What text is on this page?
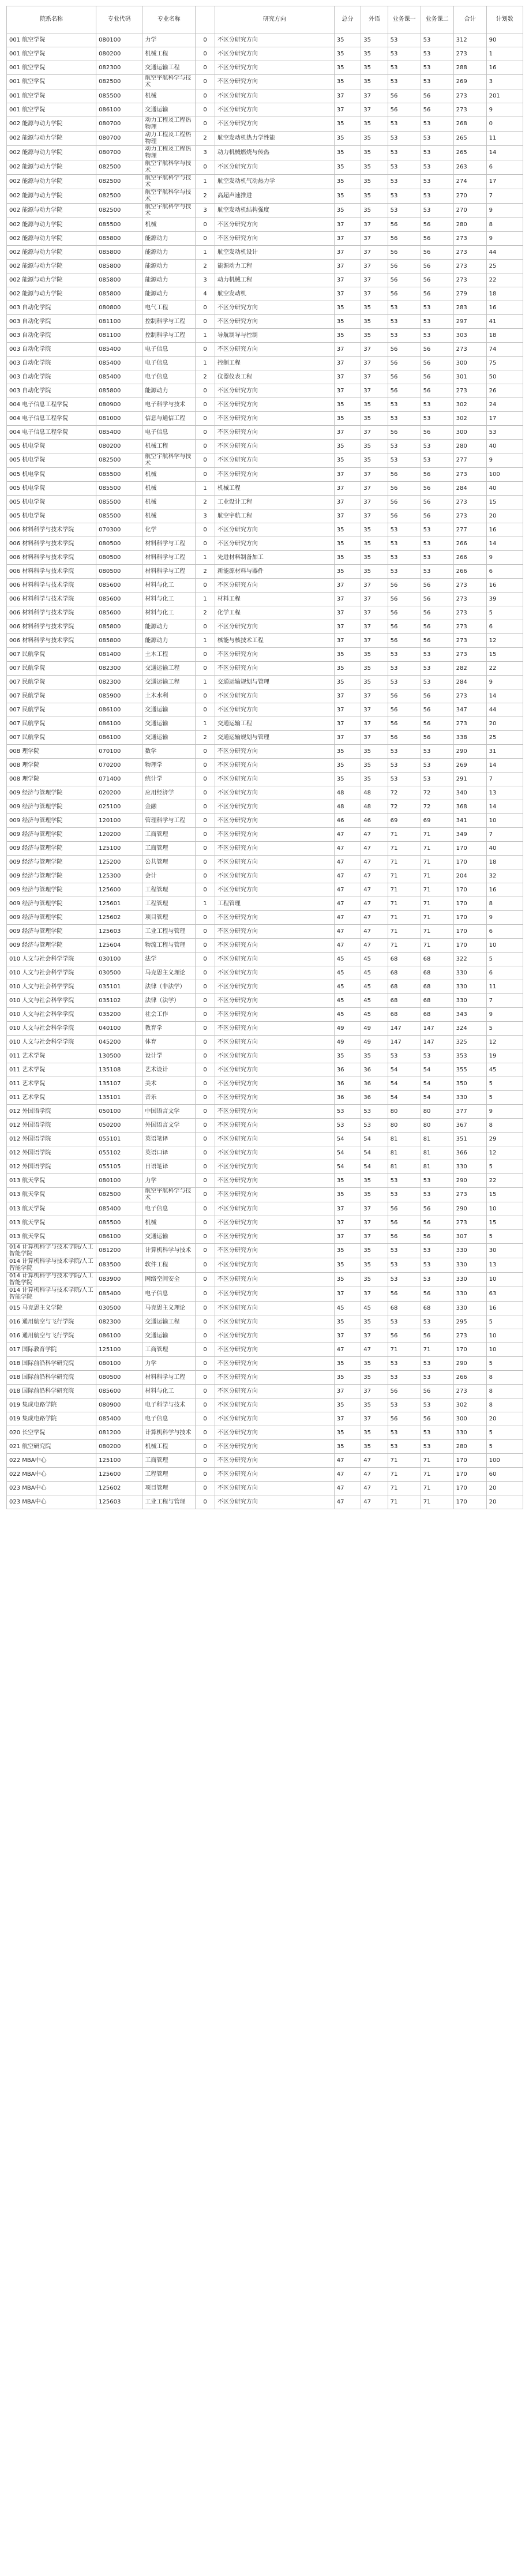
院系名称	专业代码	专业名称		研究方向	总分	外语	业务课一	业务课二	合计	计划数
001 航空学院	080100	力学	0	不区分研究方向	35	35	53	53	312	90
001 航空学院	080200	机械工程	0	不区分研究方向	35	35	53	53	273	1
001 航空学院	082300	交通运输工程	0	不区分研究方向	35	35	53	53	288	16
001 航空学院	082500	航空宇航科学与技术	0	不区分研究方向	35	35	53	53	269	3
001 航空学院	085500	机械	0	不区分研究方向	37	37	56	56	273	201
001 航空学院	086100	交通运输	0	不区分研究方向	37	37	56	56	273	9
002 能源与动力学院	080700	动力工程及工程热物理	0	不区分研究方向	35	35	53	53	268	0
002 能源与动力学院	080700	动力工程及工程热物理	2	航空发动机热力学性能	35	35	53	53	265	11
002 能源与动力学院	080700	动力工程及工程热物理	3	动力机械燃烧与传热	35	35	53	53	265	14
002 能源与动力学院	082500	航空宇航科学与技术	0	不区分研究方向	35	35	53	53	263	6
002 能源与动力学院	082500	航空宇航科学与技术	1	航空发动机气动热力学	35	35	53	53	274	17
002 能源与动力学院	082500	航空宇航科学与技术	2	高超声速推进	35	35	53	53	270	7
002 能源与动力学院	082500	航空宇航科学与技术	3	航空发动机结构强度	35	35	53	53	270	9
002 能源与动力学院	085500	机械	0	不区分研究方向	37	37	56	56	280	8
002 能源与动力学院	085800	能源动力	0	不区分研究方向	37	37	56	56	273	9
002 能源与动力学院	085800	能源动力	1	航空发动机设计	37	37	56	56	273	44
002 能源与动力学院	085800	能源动力	2	能源动力工程	37	37	56	56	273	25
002 能源与动力学院	085800	能源动力	3	动力机械工程	37	37	56	56	273	22
002 能源与动力学院	085800	能源动力	4	航空发动机	37	37	56	56	279	18
003 自动化学院	080800	电气工程	0	不区分研究方向	35	35	53	53	283	16
003 自动化学院	081100	控制科学与工程	0	不区分研究方向	35	35	53	53	297	41
003 自动化学院	081100	控制科学与工程	1	导航制导与控制	35	35	53	53	303	18
003 自动化学院	085400	电子信息	0	不区分研究方向	37	37	56	56	273	74
003 自动化学院	085400	电子信息	1	控制工程	37	37	56	56	300	75
003 自动化学院	085400	电子信息	2	仪器仪表工程	37	37	56	56	301	50
003 自动化学院	085800	能源动力	0	不区分研究方向	37	37	56	56	273	26
004 电子信息工程学院	080900	电子科学与技术	0	不区分研究方向	35	35	53	53	302	24
004 电子信息工程学院	081000	信息与通信工程	0	不区分研究方向	35	35	53	53	302	17
004 电子信息工程学院	085400	电子信息	0	不区分研究方向	37	37	56	56	300	53
005 机电学院	080200	机械工程	0	不区分研究方向	35	35	53	53	280	40
005 机电学院	082500	航空宇航科学与技术	0	不区分研究方向	35	35	53	53	277	9
005 机电学院	085500	机械	0	不区分研究方向	37	37	56	56	273	100
005 机电学院	085500	机械	1	机械工程	37	37	56	56	284	40
005 机电学院	085500	机械	2	工业设计工程	37	37	56	56	273	15
005 机电学院	085500	机械	3	航空宇航工程	37	37	56	56	273	20
006 材料科学与技术学院	070300	化学	0	不区分研究方向	35	35	53	53	277	16
006 材料科学与技术学院	080500	材料科学与工程	0	不区分研究方向	35	35	53	53	266	14
006 材料科学与技术学院	080500	材料科学与工程	1	先进材料制备加工	35	35	53	53	266	9
006 材料科学与技术学院	080500	材料科学与工程	2	新能源材料与器件	35	35	53	53	266	6
006 材料科学与技术学院	085600	材料与化工	0	不区分研究方向	37	37	56	56	273	16
006 材料科学与技术学院	085600	材料与化工	1	材料工程	37	37	56	56	273	39
006 材料科学与技术学院	085600	材料与化工	2	化学工程	37	37	56	56	273	5
006 材料科学与技术学院	085800	能源动力	0	不区分研究方向	37	37	56	56	273	6
006 材料科学与技术学院	085800	能源动力	1	核能与核技术工程	37	37	56	56	273	12
007 民航学院	081400	土木工程	0	不区分研究方向	35	35	53	53	273	15
007 民航学院	082300	交通运输工程	0	不区分研究方向	35	35	53	53	282	22
007 民航学院	082300	交通运输工程	1	交通运输规划与管理	35	35	53	53	284	9
007 民航学院	085900	土木水利	0	不区分研究方向	37	37	56	56	273	14
007 民航学院	086100	交通运输	0	不区分研究方向	37	37	56	56	347	44
007 民航学院	086100	交通运输	1	交通运输工程	37	37	56	56	273	20
007 民航学院	086100	交通运输	2	交通运输规划与管理	37	37	56	56	338	25
008 理学院	070100	数学	0	不区分研究方向	35	35	53	53	290	31
008 理学院	070200	物理学	0	不区分研究方向	35	35	53	53	269	14
008 理学院	071400	统计学	0	不区分研究方向	35	35	53	53	291	7
009 经济与管理学院	020200	应用经济学	0	不区分研究方向	48	48	72	72	340	13
009 经济与管理学院	025100	金融	0	不区分研究方向	48	48	72	72	368	14
009 经济与管理学院	120100	管理科学与工程	0	不区分研究方向	46	46	69	69	341	10
009 经济与管理学院	120200	工商管理	0	不区分研究方向	47	47	71	71	349	7
009 经济与管理学院	125100	工商管理	0	不区分研究方向	47	47	71	71	170	40
009 经济与管理学院	125200	公共管理	0	不区分研究方向	47	47	71	71	170	18
009 经济与管理学院	125300	会计	0	不区分研究方向	47	47	71	71	204	32
009 经济与管理学院	125600	工程管理	0	不区分研究方向	47	47	71	71	170	16
009 经济与管理学院	125601	工程管理	1	工程管理	47	47	71	71	170	8
009 经济与管理学院	125602	项目管理	0	不区分研究方向	47	47	71	71	170	9
009 经济与管理学院	125603	工业工程与管理	0	不区分研究方向	47	47	71	71	170	6
009 经济与管理学院	125604	物流工程与管理	0	不区分研究方向	47	47	71	71	170	10
010 人文与社会科学学院	030100	法学	0	不区分研究方向	45	45	68	68	322	5
010 人文与社会科学学院	030500	马克思主义理论	0	不区分研究方向	45	45	68	68	330	6
010 人文与社会科学学院	035101	法律（非法学）	0	不区分研究方向	45	45	68	68	330	11
010 人文与社会科学学院	035102	法律（法学）	0	不区分研究方向	45	45	68	68	330	7
010 人文与社会科学学院	035200	社会工作	0	不区分研究方向	45	45	68	68	343	9
010 人文与社会科学学院	040100	教育学	0	不区分研究方向	49	49	147	147	324	5
010 人文与社会科学学院	045200	体育	0	不区分研究方向	49	49	147	147	325	12
011 艺术学院	130500	设计学	0	不区分研究方向	35	35	53	53	353	19
011 艺术学院	135108	艺术设计	0	不区分研究方向	36	36	54	54	355	45
011 艺术学院	135107	美术	0	不区分研究方向	36	36	54	54	350	5
011 艺术学院	135101	音乐	0	不区分研究方向	36	36	54	54	330	5
012 外国语学院	050100	中国语言文学	0	不区分研究方向	53	53	80	80	377	9
012 外国语学院	050200	外国语言文学	0	不区分研究方向	53	53	80	80	367	8
012 外国语学院	055101	英语笔译	0	不区分研究方向	54	54	81	81	351	29
012 外国语学院	055102	英语口译	0	不区分研究方向	54	54	81	81	366	12
012 外国语学院	055105	日语笔译	0	不区分研究方向	54	54	81	81	330	5
013 航天学院	080100	力学	0	不区分研究方向	35	35	53	53	290	22
013 航天学院	082500	航空宇航科学与技术	0	不区分研究方向	35	35	53	53	273	15
013 航天学院	085400	电子信息	0	不区分研究方向	37	37	56	56	290	10
013 航天学院	085500	机械	0	不区分研究方向	37	37	56	56	273	15
013 航天学院	086100	交通运输	0	不区分研究方向	37	37	56	56	307	5
014 计算机科学与技术学院/人工智能学院	081200	计算机科学与技术	0	不区分研究方向	35	35	53	53	330	30
014 计算机科学与技术学院/人工智能学院	083500	软件工程	0	不区分研究方向	35	35	53	53	330	13
014 计算机科学与技术学院/人工智能学院	083900	网络空间安全	0	不区分研究方向	35	35	53	53	330	10
014 计算机科学与技术学院/人工智能学院	085400	电子信息	0	不区分研究方向	37	37	56	56	330	63
015 马克思主义学院	030500	马克思主义理论	0	不区分研究方向	45	45	68	68	330	16
016 通用航空与飞行学院	082300	交通运输工程	0	不区分研究方向	35	35	53	53	295	5
016 通用航空与飞行学院	086100	交通运输	0	不区分研究方向	37	37	56	56	273	10
017 国际教育学院	125100	工商管理	0	不区分研究方向	47	47	71	71	170	10
018 国际前沿科学研究院	080100	力学	0	不区分研究方向	35	35	53	53	290	5
018 国际前沿科学研究院	080500	材料科学与工程	0	不区分研究方向	35	35	53	53	266	8
018 国际前沿科学研究院	085600	材料与化工	0	不区分研究方向	37	37	56	56	273	8
019 集成电路学院	080900	电子科学与技术	0	不区分研究方向	35	35	53	53	302	8
019 集成电路学院	085400	电子信息	0	不区分研究方向	37	37	56	56	300	20
020 长空学院	081200	计算机科学与技术	0	不区分研究方向	35	35	53	53	330	5
021 航空研究院	080200	机械工程	0	不区分研究方向	35	35	53	53	280	5
022 MBA中心	125100	工商管理	0	不区分研究方向	47	47	71	71	170	100
022 MBA中心	125600	工程管理	0	不区分研究方向	47	47	71	71	170	60
023 MBA中心	125602	项目管理	0	不区分研究方向	47	47	71	71	170	20
023 MBA中心	125603	工业工程与管理	0	不区分研究方向	47	47	71	71	170	20
